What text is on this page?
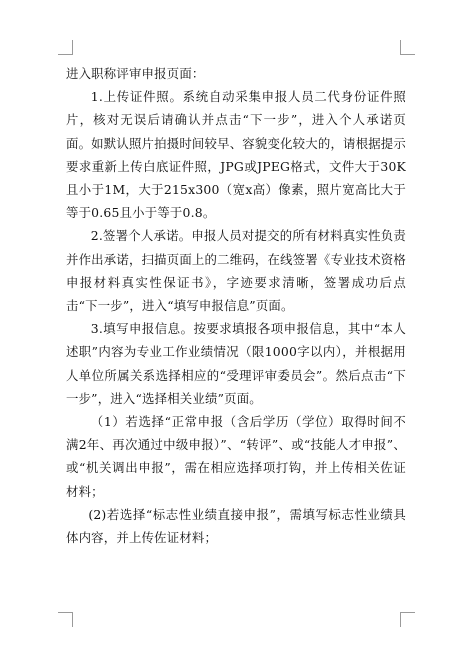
进入职称评审申报页面：

1.上传证件照。系统自动采集申报人员二代身份证件照片，核对无误后请确认并点击“下一步”，进入个人承诺页面。如默认照片拍摄时间较早、容貌变化较大的，请根据提示要求重新上传白底证件照，JPG或JPEG格式，文件大于30K且小于1M，大于215x300（宽x高）像素，照片宽高比大于等于0.65且小于等于0.8。

2.签署个人承诺。申报人员对提交的所有材料真实性负责并作出承诺，扫描页面上的二维码，在线签署《专业技术资格申报材料真实性保证书》，字迹要求清晰，签署成功后点击“下一步”，进入“填写申报信息”页面。

3.填写申报信息。按要求填报各项申报信息，其中“本人述职”内容为专业工作业绩情况（限1000字以内），并根据用人单位所属关系选择相应的“受理评审委员会”。然后点击“下一步”，进入“选择相关业绩”页面。

（1）若选择“正常申报（含后学历（学位）取得时间不满2年、再次通过中级申报）”、“转评”、或“技能人才申报”、或“机关调出申报”，需在相应选择项打钩，并上传相关佐证材料；

(2)若选择“标志性业绩直接申报”，需填写标志性业绩具体内容，并上传佐证材料；
